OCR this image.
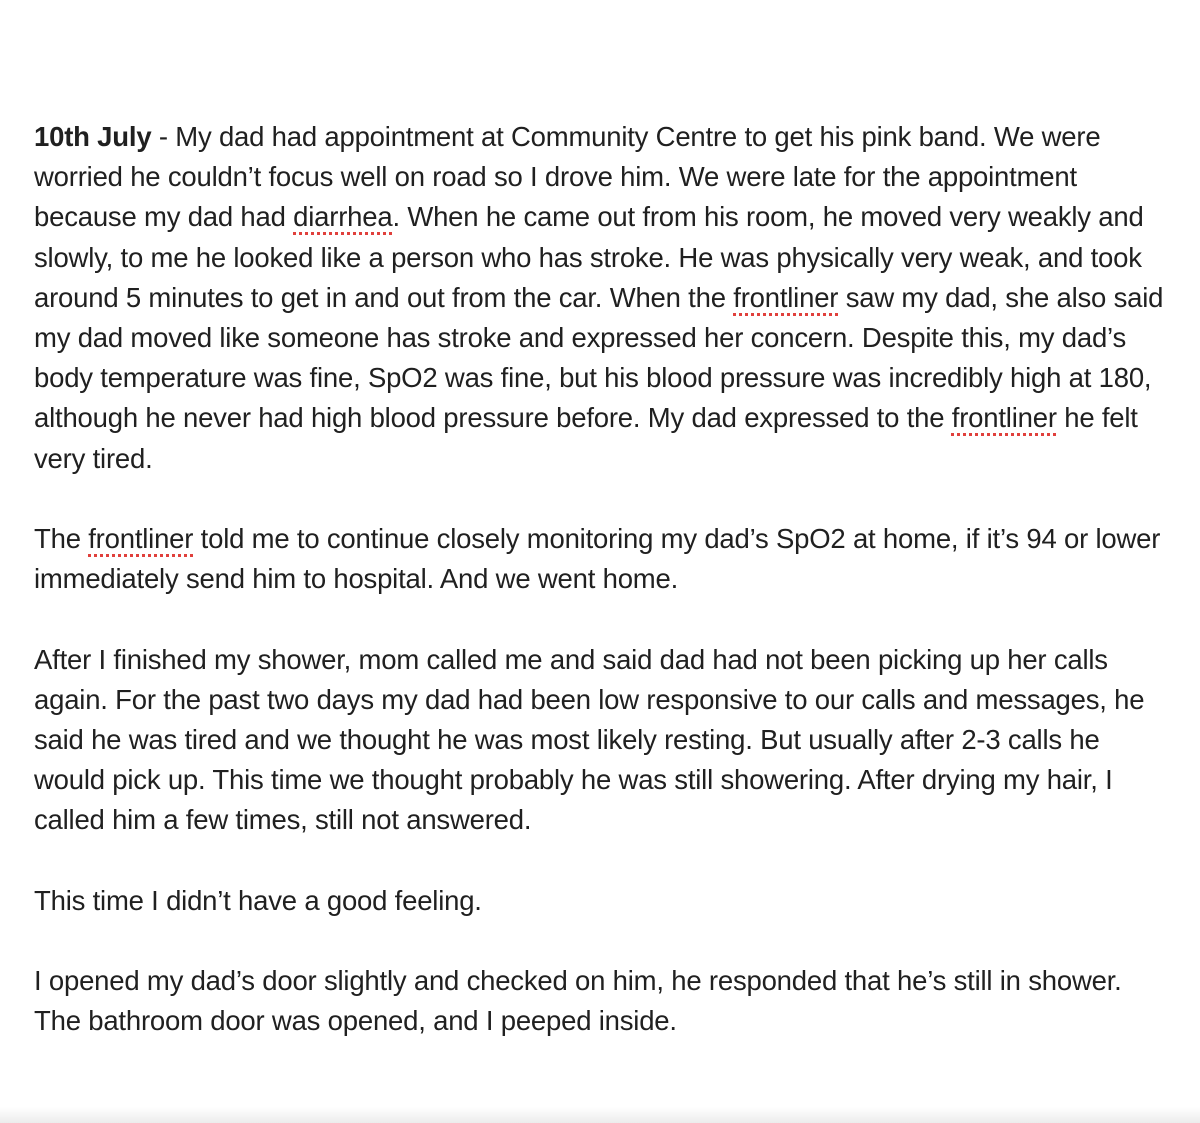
10th July - My dad had appointment at Community Centre to get his pink band. We were worried he couldn’t focus well on road so I drove him. We were late for the appointment because my dad had diarrhea. When he came out from his room, he moved very weakly and slowly, to me he looked like a person who has stroke. He was physically very weak, and took around 5 minutes to get in and out from the car. When the frontliner saw my dad, she also said my dad moved like someone has stroke and expressed her concern. Despite this, my dad’s body temperature was fine, SpO2 was fine, but his blood pressure was incredibly high at 180, although he never had high blood pressure before. My dad expressed to the frontliner he felt very tired.

The frontliner told me to continue closely monitoring my dad’s SpO2 at home, if it’s 94 or lower immediately send him to hospital. And we went home.

After I finished my shower, mom called me and said dad had not been picking up her calls again. For the past two days my dad had been low responsive to our calls and messages, he said he was tired and we thought he was most likely resting. But usually after 2-3 calls he would pick up. This time we thought probably he was still showering. After drying my hair, I called him a few times, still not answered.

This time I didn’t have a good feeling.

I opened my dad’s door slightly and checked on him, he responded that he’s still in shower. The bathroom door was opened, and I peeped inside.
